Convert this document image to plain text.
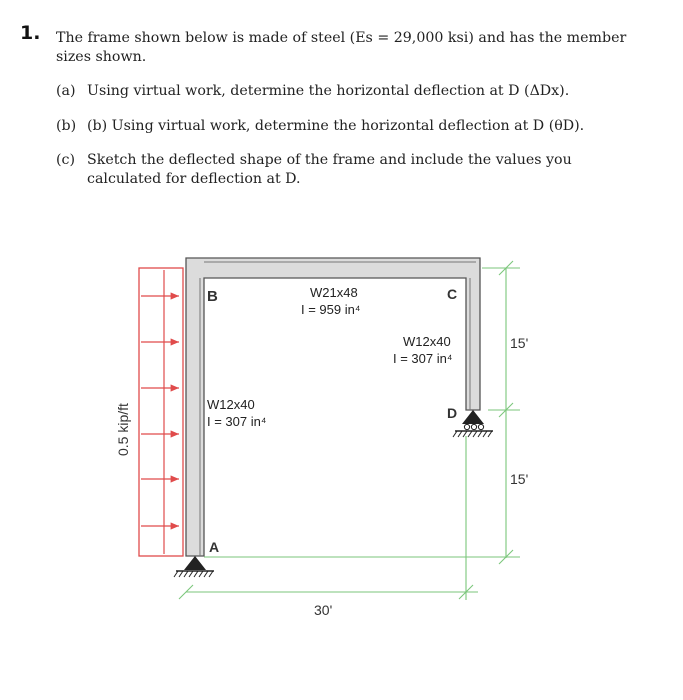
1. The frame shown below is made of steel (Es = 29,000 ksi) and has the member sizes shown.
(a) Using virtual work, determine the horizontal deflection at D (ΔDx).
(b) (b) Using virtual work, determine the horizontal deflection at D (θD).
(c) Sketch the deflected shape of the frame and include the values you calculated for deflection at D.
0.5 kip/ft
B	C
D
A
W21x48
I = 959 in⁴
W12x40
I = 307 in⁴
W12x40
I = 307 in⁴
15'
15'
30'
